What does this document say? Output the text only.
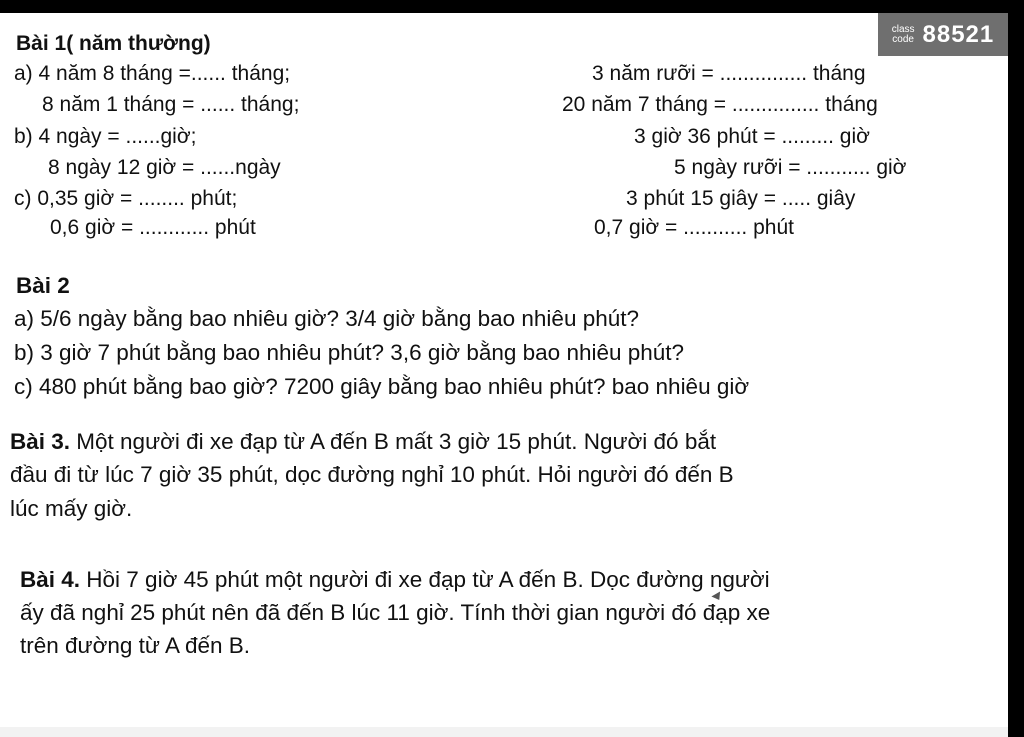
class
code 88521
Bài 1( năm thường)
a) 4 năm 8 tháng =...... tháng;
8 năm 1 tháng = ...... tháng;
b) 4 ngày = ......giờ;
8 ngày 12 giờ = ......ngày
c) 0,35 giờ = ........ phút;
0,6 giờ = ............ phút
3 năm rưỡi = ............... tháng
20 năm 7 tháng = ............... tháng
3 giờ 36 phút = ......... giờ
5 ngày rưỡi = ........... giờ
3 phút 15 giây = ..... giây
0,7 giờ = ........... phút
Bài 2
a) 5/6 ngày bằng bao nhiêu giờ? 3/4 giờ bằng bao nhiêu phút?
b) 3 giờ 7 phút bằng bao nhiêu phút? 3,6 giờ bằng bao nhiêu phút?
c) 480 phút bằng bao giờ? 7200 giây bằng bao nhiêu phút? bao nhiêu giờ
Bài 3. Một người đi xe đạp từ A đến B mất 3 giờ 15 phút. Người đó bắt
đầu đi từ lúc 7 giờ 35 phút, dọc đường nghỉ 10 phút. Hỏi người đó đến B
lúc mấy giờ.
Bài 4. Hồi 7 giờ 45 phút một người đi xe đạp từ A đến B. Dọc đường người
ấy đã nghỉ 25 phút nên đã đến B lúc 11 giờ. Tính thời gian người đó đạp xe
trên đường từ A đến B.
